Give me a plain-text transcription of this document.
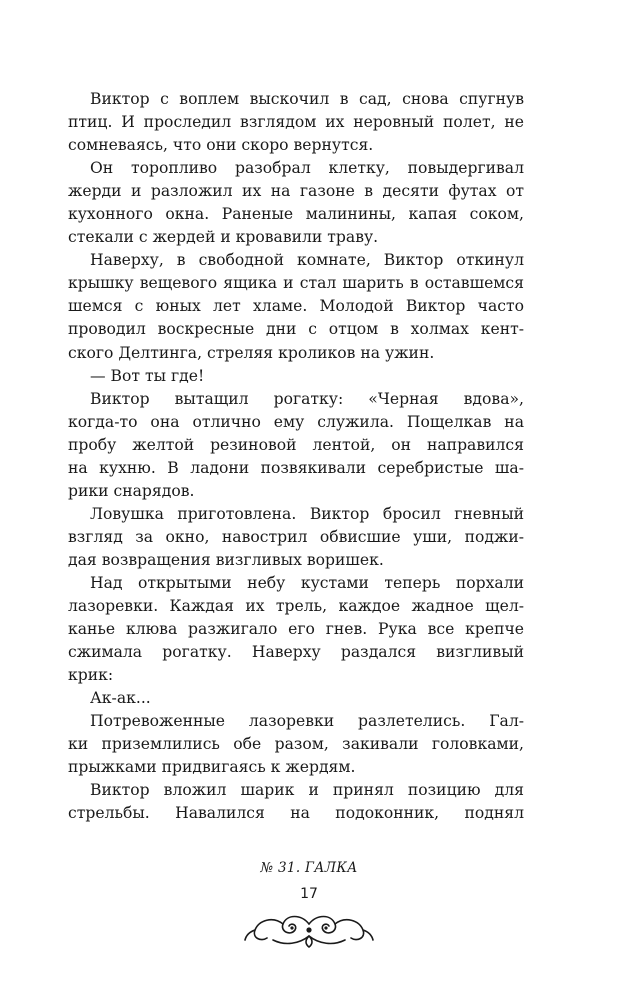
Виктор с воплем выскочил в сад, снова спугнув
птиц. И проследил взглядом их неровный полет, не
сомневаясь, что они скоро вернутся.
Он торопливо разобрал клетку, повыдергивал
жерди и разложил их на газоне в десяти футах от
кухонного окна. Раненые малинины, капая соком,
стекали с жердей и кровавили траву.
Наверху, в свободной комнате, Виктор откинул
крышку вещевого ящика и стал шарить в оставшемся
шемся с юных лет хламе. Молодой Виктор часто
проводил воскресные дни с отцом в холмах кент-
ского Делтинга, стреляя кроликов на ужин.
— Вот ты где!
Виктор вытащил рогатку: «Черная вдова»,
когда-то она отлично ему служила. Пощелкав на
пробу желтой резиновой лентой, он направился
на кухню. В ладони позвякивали серебристые ша-
рики снарядов.
Ловушка приготовлена. Виктор бросил гневный
взгляд за окно, навострил обвисшие уши, поджи-
дая возвращения визгливых воришек.
Над открытыми небу кустами теперь порхали
лазоревки. Каждая их трель, каждое жадное щел-
канье клюва разжигало его гнев. Рука все крепче
сжимала рогатку. Наверху раздался визгливый
крик:
Ак-ак...
Потревоженные лазоревки разлетелись. Гал-
ки приземлились обе разом, закивали головками,
прыжками придвигаясь к жердям.
Виктор вложил шарик и принял позицию для
стрельбы. Навалился на подоконник, поднял
№ 31. ГАЛКА
17
